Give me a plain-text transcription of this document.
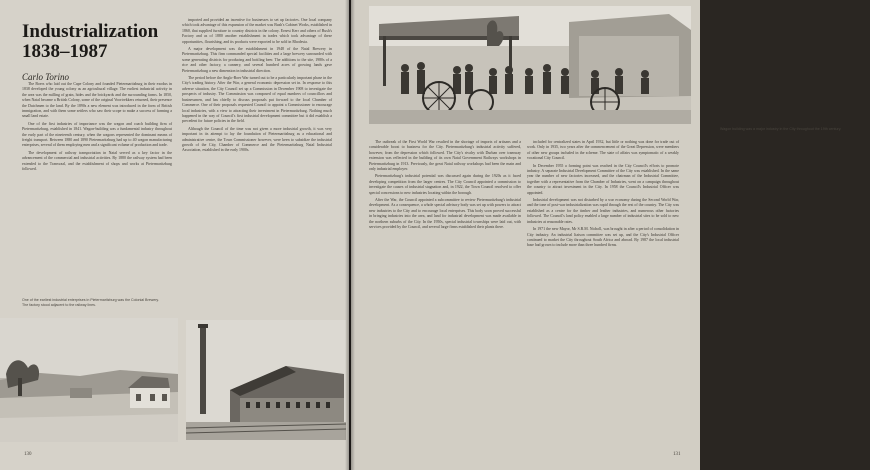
Industrialization 1838–1987
Carlo Torino

The Boers who laid out the Cape Colony and founded Pietermaritzburg in their exodus in 1838 developed the young colony as an agricultural village. The earliest industrial activity in the area was the milling of grain, hides and the brickyards and the surrounding farms. In 1850, when Natal became a British Colony, some of the original Voortrekkers returned, their presence the Dutchmen to the land. By the 1890s a new element was introduced in the form of British immigration, and with them some settlers who saw their scope to make a success of farming a small land estate.

One of the first industries of importance was the wagon and coach building firm of Pietermaritzburg, established in 1841. Wagon-building was a fundamental industry throughout the early part of the nineteenth century, when the wagons represented the dominant means of freight transport. Between 1880 and 1890 Pietermaritzburg had up to 40 wagon manufacturing enterprises, several of them employing men and a significant volume of production and trade.

The development of railway transportation in Natal served as a key factor in the advancement of the commercial and industrial activities. By 1880 the railway system had been extended to the Transvaal, and the establishment of shops and works at Pietermaritzburg followed.

imported and provided an incentive for businesses to set up factories. One local company which took advantage of this expansion of the market was Bush's Cabinet Works, established in 1860, that supplied furniture to country districts in the colony. Ernest Kerr and others of Bush's Factory and as of 1880 another establishment in trades which took advantage of these opportunities, flourishing, and its products were exported to be sold in Rhodesia.

A major development was the establishment in 1948 of the Natal Brewery in Pietermaritzburg. This firm commanded special facilities and a large brewery surrounded with some generating districts for producing and bottling beer. The additions to the site, 1980s of a rice and other factory, a cannery, and several hundred acres of growing lands gave Pietermaritzburg a new dimension in industrial direction.

The period before the Anglo-Boer War turned out to be a particularly important phase in the City's trading history. After the War, a general economic depression set in. In response to this adverse situation, the City Council set up a Commission in December 1908 to investigate the prospects of industry. The Commission was composed of equal numbers of councillors and businessmen, and has chiefly to discuss proposals put forward to the local Chamber of Commerce. One of their proposals requested Council to appoint a Commissioner to encourage local industries, with a view to attracting their investment in Pietermaritzburg. Nothing much happened in the way of Council's first industrial development committee but it did establish a precedent for future policies in the field.

Although the Council of the time was not given a more industrial growth, it was very important in its attempt to lay the foundation of Pietermaritzburg as a educational and administrative centre, the Town Commissioner however, were keen to subsidize the industrial growth of the City, Chamber of Commerce and the Pietermaritzburg Natal Industrial Association, established in the early 1900s.

One of the earliest industrial enterprises in Pietermaritzburg was the Colonial Brewery. The factory stood adjacent to the railway lines.
130
Wagon building was a major industry in the City throughout the 19th century.

The outbreak of the First World War resulted in the shortage of imports of artisans and a considerable boost to business for the City. Pietermaritzburg's industrial activity suffered, however, from the depression which followed. The City's rivalry with Durban over tramway extension was reflected in the building of its own Natal Government Railways workshops in Pietermaritzburg in 1913. Previously, the great Natal railway workshops had been the main and only industrial employer.

Pietermaritzburg's industrial potential was discussed again during the 1920s as it faced developing competition from the larger centres. The City Council appointed a commission to investigate the causes of industrial stagnation and, in 1922, the Town Council resolved to offer special concessions to new industries locating within the borough.

After the War, the Council appointed a subcommittee to review Pietermaritzburg's industrial development. As a consequence, a whole special advisory body was set up with powers to attract new industries to the City and to encourage local enterprises. This body soon proved successful in bringing industries into the area, and land for industrial development was made available in the northern suburbs of the City. In the 1950s, special industrial townships were laid out, with services provided by the Council, and several large firms established their plants there.

included for centralized states in April 1932, but little or nothing was done for trade out of work. Only in 1935, two years after the commencement of the Great Depression, were members of other new groups included in the scheme. The state of affairs was symptomatic of a weakly vocational City Council.

In December 1955 a forming point was reached in the City Council's efforts to promote industry. A separate Industrial Development Committee of the City was established. In the same year the number of new factories increased, and the chairman of the Industrial Committee, together with a representative from the Chamber of Industries, went on a campaign throughout the country to attract investment in the City. In 1958 the Council's Industrial Officer was appointed.

Industrial development was not disturbed by a war economy during the Second World War, and the tone of post-war industrialization was rapid through the rest of the country. The City was established as a centre for the timber and leather industries, and numerous other factories followed. The Council's land policy enabled a large number of industrial sites to be sold to new industries at reasonable rates.

In 1971 the new Mayor, Mr S.B.M. Nicholl, was brought in after a period of consolidation in City industry. An industrial liaison committee was set up, and the City's Industrial Officer continued to market the City throughout South Africa and abroad. By 1987 the local industrial base had grown to include more than three hundred firms.

131
